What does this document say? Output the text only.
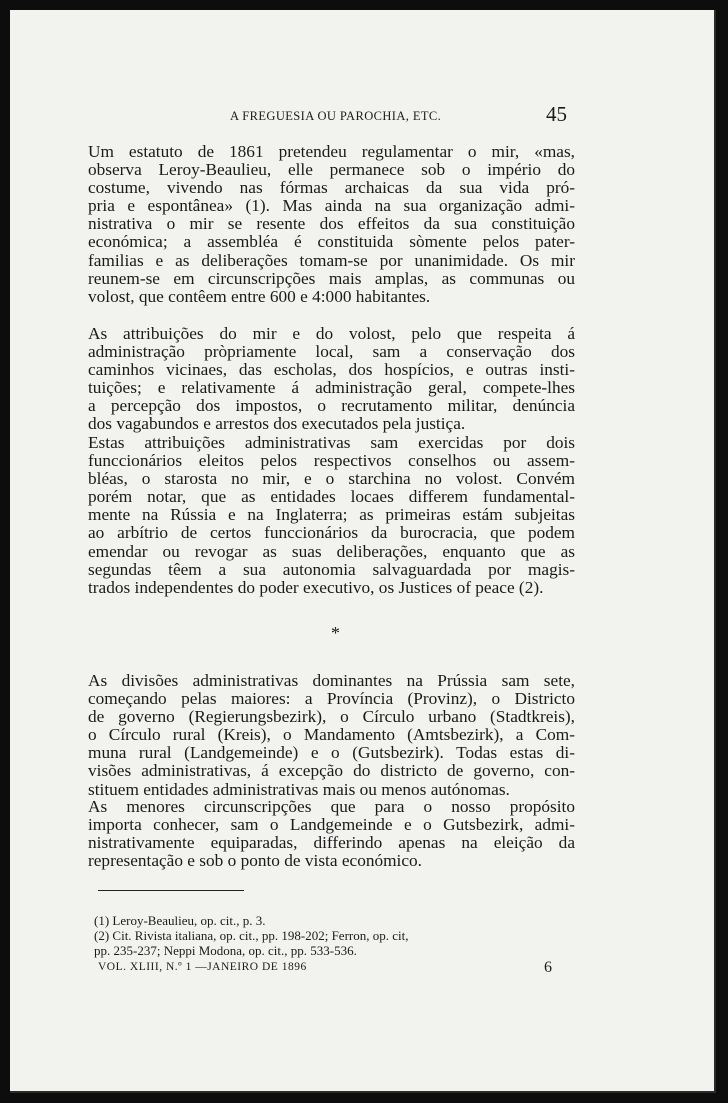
A FREGUESIA OU PAROCHIA, ETC.	45
Um estatuto de 1861 pretendeu regulamentar o mir, «mas,
observa Leroy-Beaulieu, elle permanece sob o império do
costume, vivendo nas fórmas archaicas da sua vida pró-
pria e espontânea» (1). Mas ainda na sua organização admi-
nistrativa o mir se resente dos effeitos da sua constituição
económica; a assembléa é constituida sòmente pelos pater-
familias e as deliberações tomam-se por unanimidade. Os mir
reunem-se em circunscripções mais amplas, as communas ou
volost, que contêem entre 600 e 4:000 habitantes.
As attribuições do mir e do volost, pelo que respeita á
administração pròpriamente local, sam a conservação dos
caminhos vicinaes, das escholas, dos hospícios, e outras insti-
tuições; e relativamente á administração geral, compete-lhes
a percepção dos impostos, o recrutamento militar, denúncia
dos vagabundos e arrestos dos executados pela justiça.
Estas attribuições administrativas sam exercidas por dois
funccionários eleitos pelos respectivos conselhos ou assem-
bléas, o starosta no mir, e o starchina no volost. Convém
porém notar, que as entidades locaes differem fundamental-
mente na Rússia e na Inglaterra; as primeiras estám subjeitas
ao arbítrio de certos funccionários da burocracia, que podem
emendar ou revogar as suas deliberações, enquanto que as
segundas têem a sua autonomia salvaguardada por magis-
trados independentes do poder executivo, os Justices of peace (2).
*
As divisões administrativas dominantes na Prússia sam sete,
começando pelas maiores: a Província (Provinz), o Districto
de governo (Regierungsbezirk), o Círculo urbano (Stadtkreis),
o Círculo rural (Kreis), o Mandamento (Amtsbezirk), a Com-
muna rural (Landgemeinde) e o (Gutsbezirk). Todas estas di-
visões administrativas, á excepção do districto de governo, con-
stituem entidades administrativas mais ou menos autónomas.
As menores circunscripções que para o nosso propósito
importa conhecer, sam o Landgemeinde e o Gutsbezirk, admi-
nistrativamente equiparadas, differindo apenas na eleição da
representação e sob o ponto de vista económico.
(1) Leroy-Beaulieu, op. cit., p. 3.
(2) Cit. Rivista italiana, op. cit., pp. 198-202; Ferron, op. cit,
pp. 235-237; Neppi Modona, op. cit., pp. 533-536.
VOL. XLIII, N.º 1 —JANEIRO DE 1896	6
